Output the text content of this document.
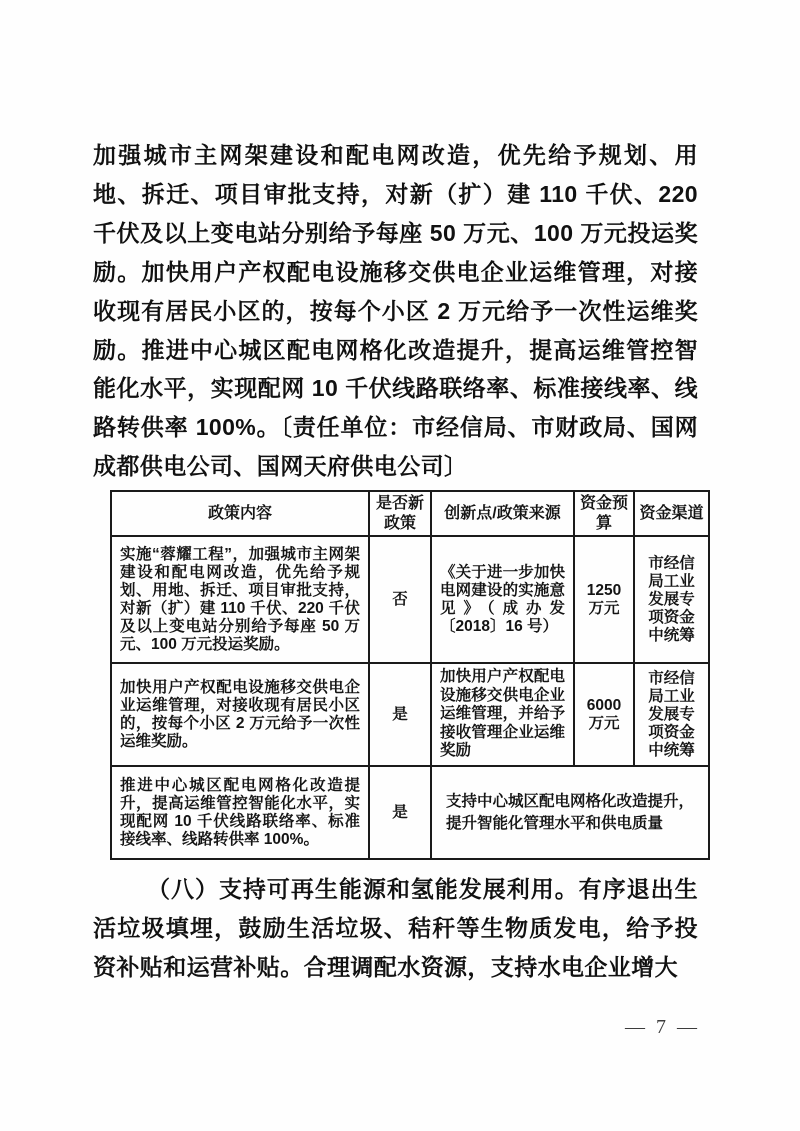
加强城市主网架建设和配电网改造，优先给予规划、用地、拆迁、项目审批支持，对新（扩）建 110 千伏、220 千伏及以上变电站分别给予每座 50 万元、100 万元投运奖励。加快用户产权配电设施移交供电企业运维管理，对接收现有居民小区的，按每个小区 2 万元给予一次性运维奖励。推进中心城区配电网格化改造提升，提高运维管控智能化水平，实现配网 10 千伏线路联络率、标准接线率、线路转供率 100%。〔责任单位：市经信局、市财政局、国网成都供电公司、国网天府供电公司〕

政策内容	是否新政策	创新点/政策来源	资金预算	资金渠道
实施“蓉耀工程”，加强城市主网架建设和配电网改造，优先给予规划、用地、拆迁、项目审批支持，对新（扩）建 110 千伏、220 千伏及以上变电站分别给予每座 50 万元、100 万元投运奖励。	否	《关于进一步加快电网建设的实施意见》（成办发〔2018〕16 号）	1250 万元	市经信局工业发展专项资金中统筹
加快用户产权配电设施移交供电企业运维管理，对接收现有居民小区的，按每个小区 2 万元给予一次性运维奖励。	是	加快用户产权配电设施移交供电企业运维管理，并给予接收管理企业运维奖励	6000 万元	市经信局工业发展专项资金中统筹
推进中心城区配电网格化改造提升，提高运维管控智能化水平，实现配网 10 千伏线路联络率、标准接线率、线路转供率 100%。	是	支持中心城区配电网格化改造提升，提升智能化管理水平和供电质量		

（八）支持可再生能源和氢能发展利用。有序退出生活垃圾填埋，鼓励生活垃圾、秸秆等生物质发电，给予投资补贴和运营补贴。合理调配水资源，支持水电企业增大

— 7 —
